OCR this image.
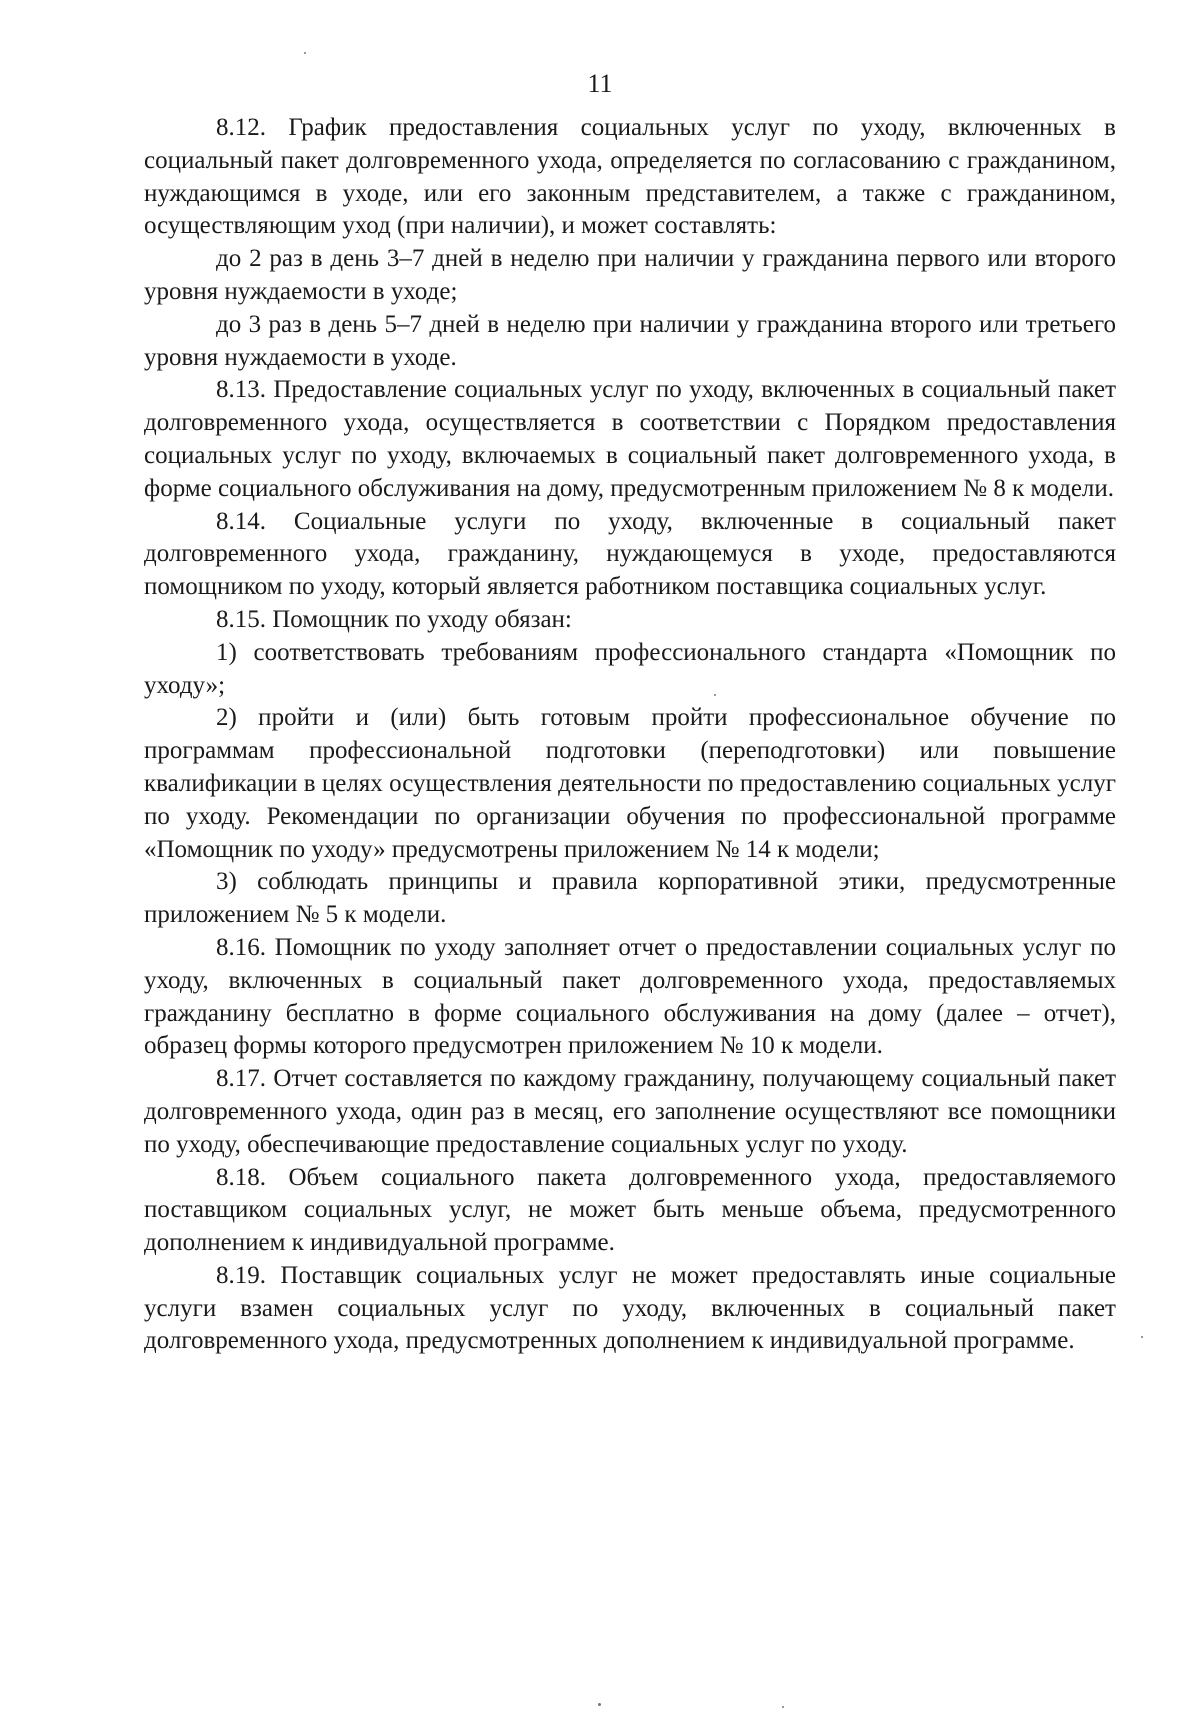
11

8.12. График предоставления социальных услуг по уходу, включенных в социальный пакет долговременного ухода, определяется по согласованию с гражданином, нуждающимся в уходе, или его законным представителем, а также с гражданином, осуществляющим уход (при наличии), и может составлять:

до 2 раз в день 3–7 дней в неделю при наличии у гражданина первого или второго уровня нуждаемости в уходе;

до 3 раз в день 5–7 дней в неделю при наличии у гражданина второго или третьего уровня нуждаемости в уходе.

8.13. Предоставление социальных услуг по уходу, включенных в социальный пакет долговременного ухода, осуществляется в соответствии с Порядком предоставления социальных услуг по уходу, включаемых в социальный пакет долговременного ухода, в форме социального обслуживания на дому, предусмотренным приложением № 8 к модели.

8.14. Социальные услуги по уходу, включенные в социальный пакет долговременного ухода, гражданину, нуждающемуся в уходе, предоставляются помощником по уходу, который является работником поставщика социальных услуг.

8.15. Помощник по уходу обязан:

1) соответствовать требованиям профессионального стандарта «Помощник по уходу»;

2) пройти и (или) быть готовым пройти профессиональное обучение по программам профессиональной подготовки (переподготовки) или повышение квалификации в целях осуществления деятельности по предоставлению социальных услуг по уходу. Рекомендации по организации обучения по профессиональной программе «Помощник по уходу» предусмотрены приложением № 14 к модели;

3) соблюдать принципы и правила корпоративной этики, предусмотренные приложением № 5 к модели.

8.16. Помощник по уходу заполняет отчет о предоставлении социальных услуг по уходу, включенных в социальный пакет долговременного ухода, предоставляемых гражданину бесплатно в форме социального обслуживания на дому (далее – отчет), образец формы которого предусмотрен приложением № 10 к модели.

8.17. Отчет составляется по каждому гражданину, получающему социальный пакет долговременного ухода, один раз в месяц, его заполнение осуществляют все помощники по уходу, обеспечивающие предоставление социальных услуг по уходу.

8.18. Объем социального пакета долговременного ухода, предоставляемого поставщиком социальных услуг, не может быть меньше объема, предусмотренного дополнением к индивидуальной программе.

8.19. Поставщик социальных услуг не может предоставлять иные социальные услуги взамен социальных услуг по уходу, включенных в социальный пакет долговременного ухода, предусмотренных дополнением к индивидуальной программе.
